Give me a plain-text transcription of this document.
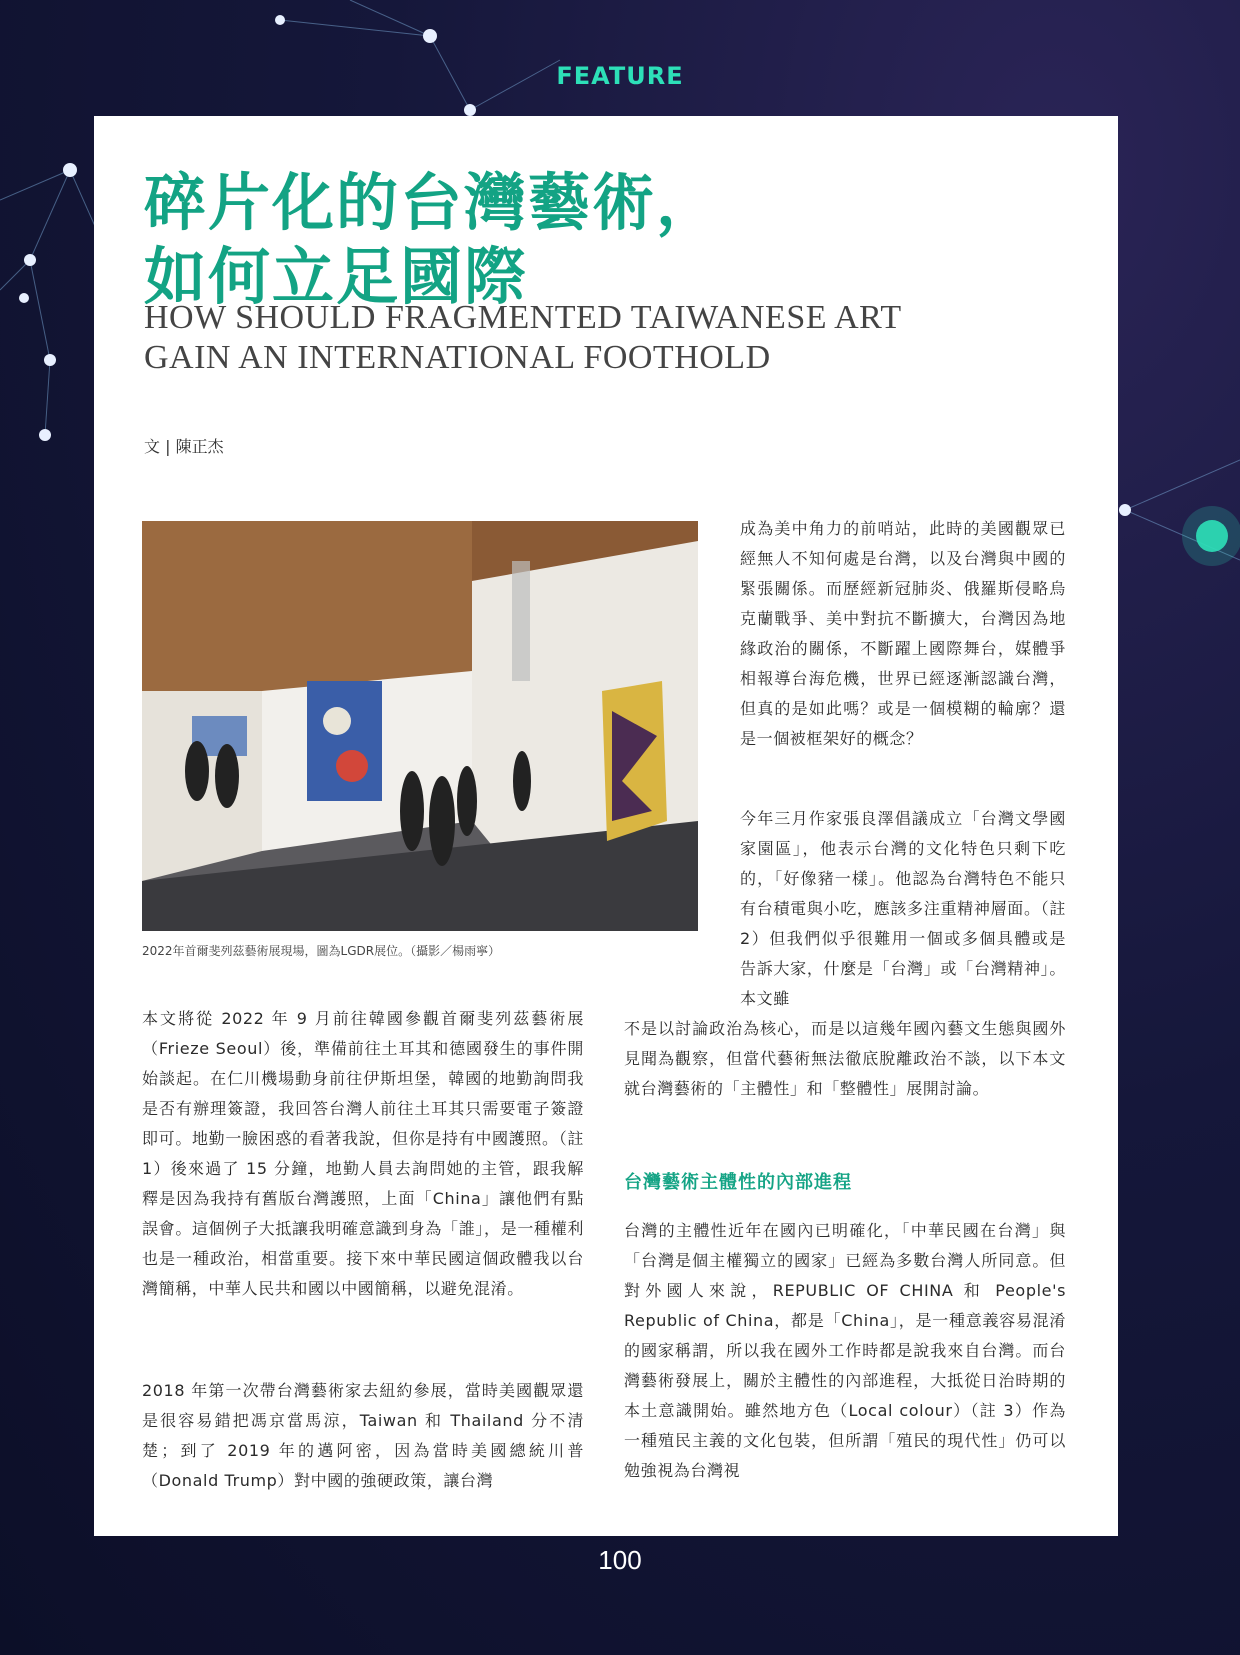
FEATURE
碎片化的台灣藝術，
如何立足國際
HOW SHOULD FRAGMENTED TAIWANESE ART
GAIN AN INTERNATIONAL FOOTHOLD
文 | 陳正杰
2022年首爾斐列茲藝術展現場，圖為LGDR展位。（攝影／楊雨寧）

成為美中角力的前哨站，此時的美國觀眾已經無人不知何處是台灣，以及台灣與中國的緊張關係。而歷經新冠肺炎、俄羅斯侵略烏克蘭戰爭、美中對抗不斷擴大，台灣因為地緣政治的關係，不斷躍上國際舞台，媒體爭相報導台海危機，世界已經逐漸認識台灣，但真的是如此嗎？或是一個模糊的輪廓？還是一個被框架好的概念？

今年三月作家張良澤倡議成立「台灣文學國家園區」，他表示台灣的文化特色只剩下吃的，「好像豬一樣」。他認為台灣特色不能只有台積電與小吃，應該多注重精神層面。（註 2）但我們似乎很難用一個或多個具體或是告訴大家，什麼是「台灣」或「台灣精神」。本文雖

不是以討論政治為核心，而是以這幾年國內藝文生態與國外見聞為觀察，但當代藝術無法徹底脫離政治不談，以下本文就台灣藝術的「主體性」和「整體性」展開討論。

台灣藝術主體性的內部進程

台灣的主體性近年在國內已明確化，「中華民國在台灣」與「台灣是個主權獨立的國家」已經為多數台灣人所同意。但對外國人來說，REPUBLIC OF CHINA 和 People's Republic of China，都是「China」，是一種意義容易混淆的國家稱謂，所以我在國外工作時都是說我來自台灣。而台灣藝術發展上，關於主體性的內部進程，大抵從日治時期的本土意識開始。雖然地方色（Local colour）（註 3）作為一種殖民主義的文化包裝，但所謂「殖民的現代性」仍可以勉強視為台灣視

本文將從 2022 年 9 月前往韓國參觀首爾斐列茲藝術展（Frieze Seoul）後，準備前往土耳其和德國發生的事件開始談起。在仁川機場動身前往伊斯坦堡，韓國的地勤詢問我是否有辦理簽證，我回答台灣人前往土耳其只需要電子簽證即可。地勤一臉困惑的看著我說，但你是持有中國護照。（註 1）後來過了 15 分鐘，地勤人員去詢問她的主管，跟我解釋是因為我持有舊版台灣護照，上面「China」讓他們有點誤會。這個例子大抵讓我明確意識到身為「誰」，是一種權利也是一種政治，相當重要。接下來中華民國這個政體我以台灣簡稱，中華人民共和國以中國簡稱，以避免混淆。

2018 年第一次帶台灣藝術家去紐約參展，當時美國觀眾還是很容易錯把馮京當馬涼，Taiwan 和 Thailand 分不清楚；到了 2019 年的邁阿密，因為當時美國總統川普（Donald Trump）對中國的強硬政策，讓台灣

100
